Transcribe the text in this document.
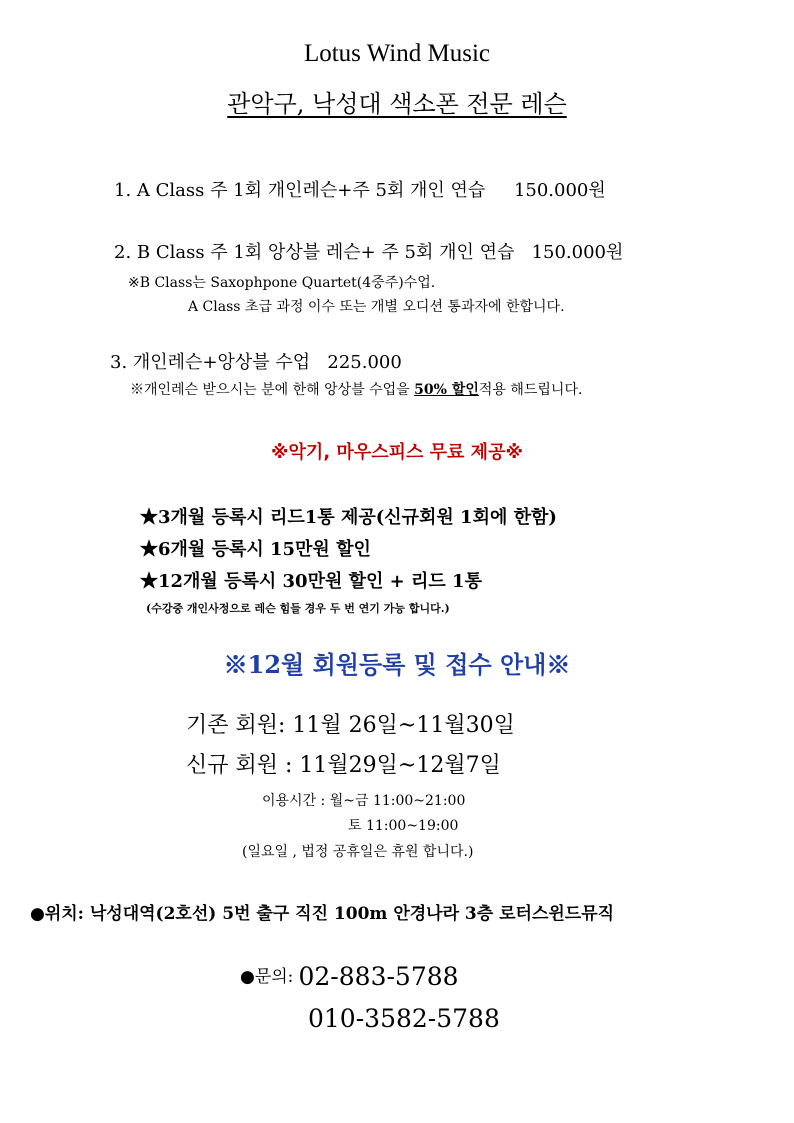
Lotus Wind Music
관악구, 낙성대 색소폰 전문 레슨
1. A Class 주 1회 개인레슨+주 5회 개인 연습 150.000원
2. B Class 주 1회 앙상블 레슨+ 주 5회 개인 연습 150.000원
※B Class는 Saxophpone Quartet(4중주)수업.
A Class 초급 과정 이수 또는 개별 오디션 통과자에 한합니다.
3. 개인레슨+앙상블 수업 225.000
※개인레슨 받으시는 분에 한해 앙상블 수업을 50% 할인적용 해드립니다.
※악기, 마우스피스 무료 제공※
★3개월 등록시 리드1통 제공(신규회원 1회에 한함)
★6개월 등록시 15만원 할인
★12개월 등록시 30만원 할인 + 리드 1통
(수강중 개인사정으로 레슨 힘들 경우 두 번 연기 가능 합니다.)
※12월 회원등록 및 접수 안내※
기존 회원: 11월 26일~11월30일
신규 회원 : 11월29일~12월7일
이용시간 : 월~금 11:00~21:00
토 11:00~19:00
(일요일 , 법정 공휴일은 휴원 합니다.)
●위치: 낙성대역(2호선) 5번 출구 직진 100m 안경나라 3층 로터스윈드뮤직
●문의: 02-883-5788
010-3582-5788
